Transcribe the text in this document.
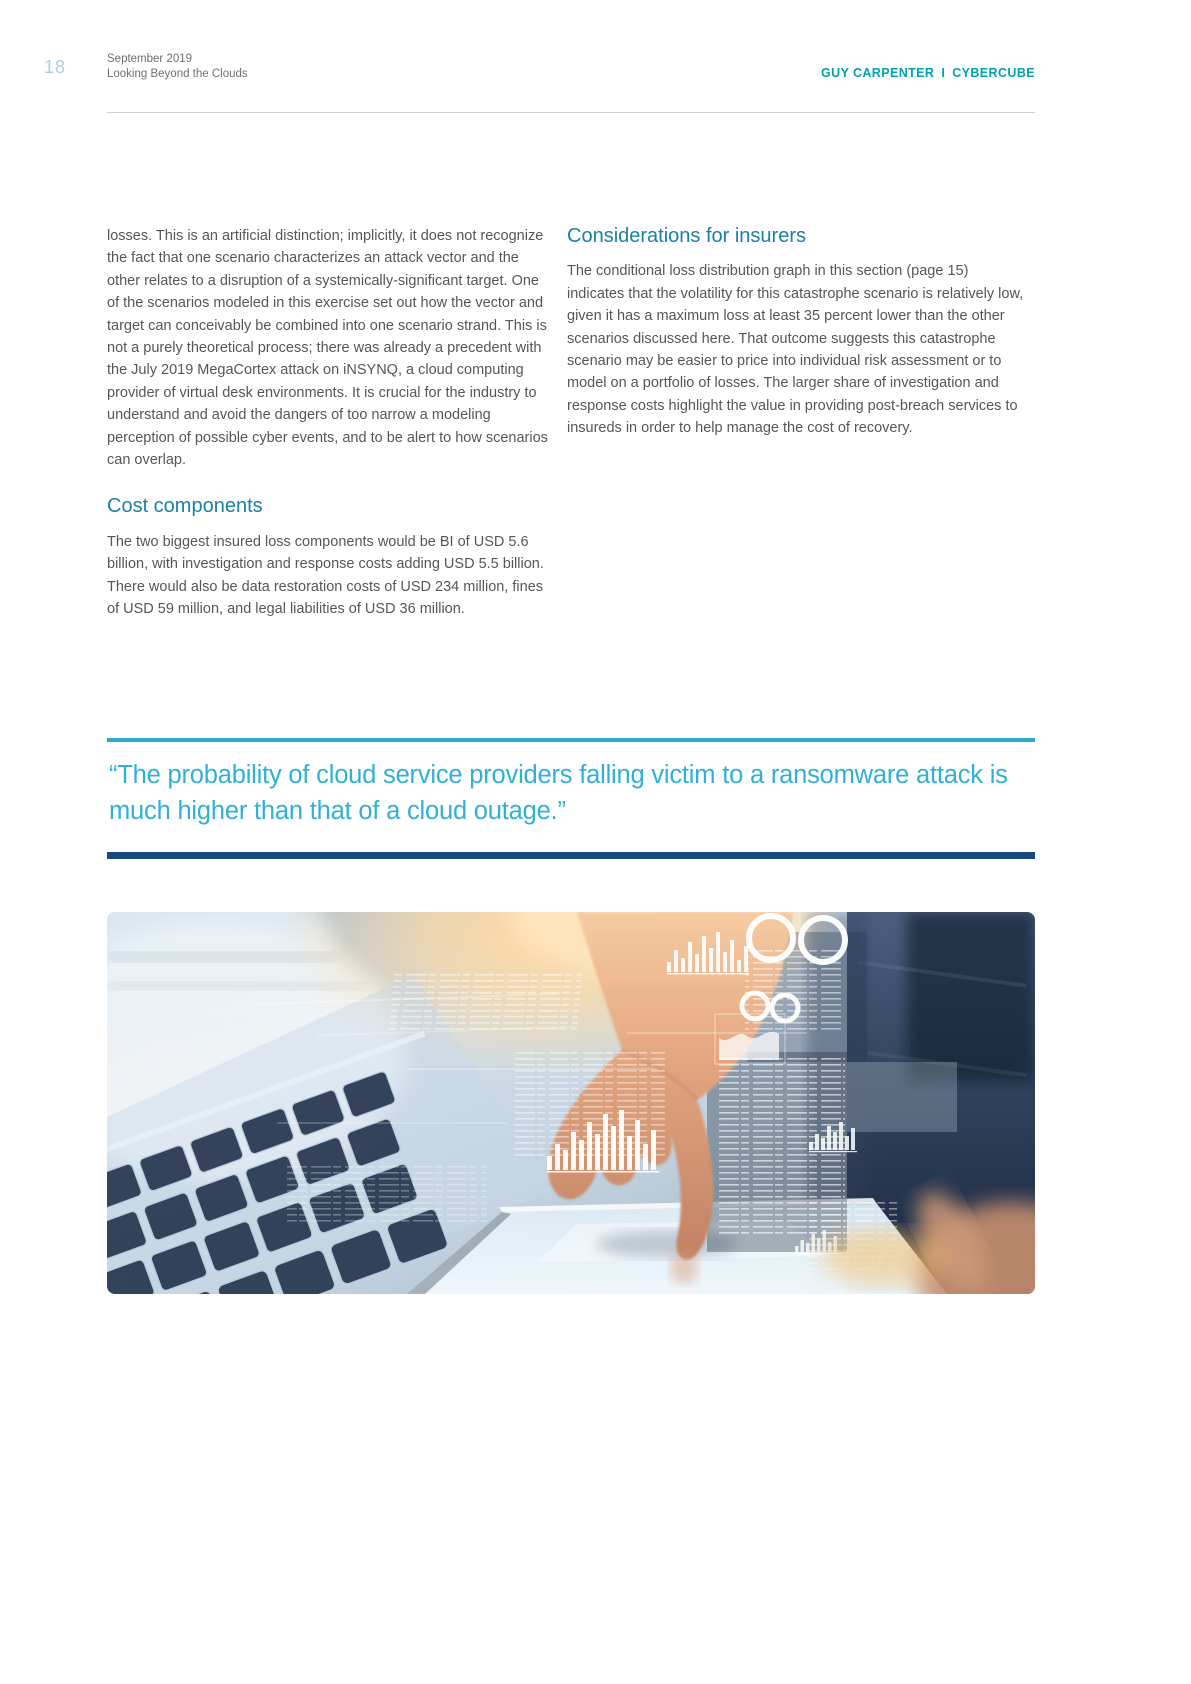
18	September 2019
Looking Beyond the Clouds	GUY CARPENTER I CYBERCUBE

losses. This is an artificial distinction; implicitly, it does not recognize the fact that one scenario characterizes an attack vector and the other relates to a disruption of a systemically-significant target. One of the scenarios modeled in this exercise set out how the vector and target can conceivably be combined into one scenario strand. This is not a purely theoretical process; there was already a precedent with the July 2019 MegaCortex attack on iNSYNQ, a cloud computing provider of virtual desk environments. It is crucial for the industry to understand and avoid the dangers of too narrow a modeling perception of possible cyber events, and to be alert to how scenarios can overlap.

Cost components

The two biggest insured loss components would be BI of USD 5.6 billion, with investigation and response costs adding USD 5.5 billion. There would also be data restoration costs of USD 234 million, fines of USD 59 million, and legal liabilities of USD 36 million.

Considerations for insurers

The conditional loss distribution graph in this section (page 15) indicates that the volatility for this catastrophe scenario is relatively low, given it has a maximum loss at least 35 percent lower than the other scenarios discussed here. That outcome suggests this catastrophe scenario may be easier to price into individual risk assessment or to model on a portfolio of losses. The larger share of investigation and response costs highlight the value in providing post-breach services to insureds in order to help manage the cost of recovery.

“The probability of cloud service providers falling victim to a ransomware attack is much higher than that of a cloud outage.”
